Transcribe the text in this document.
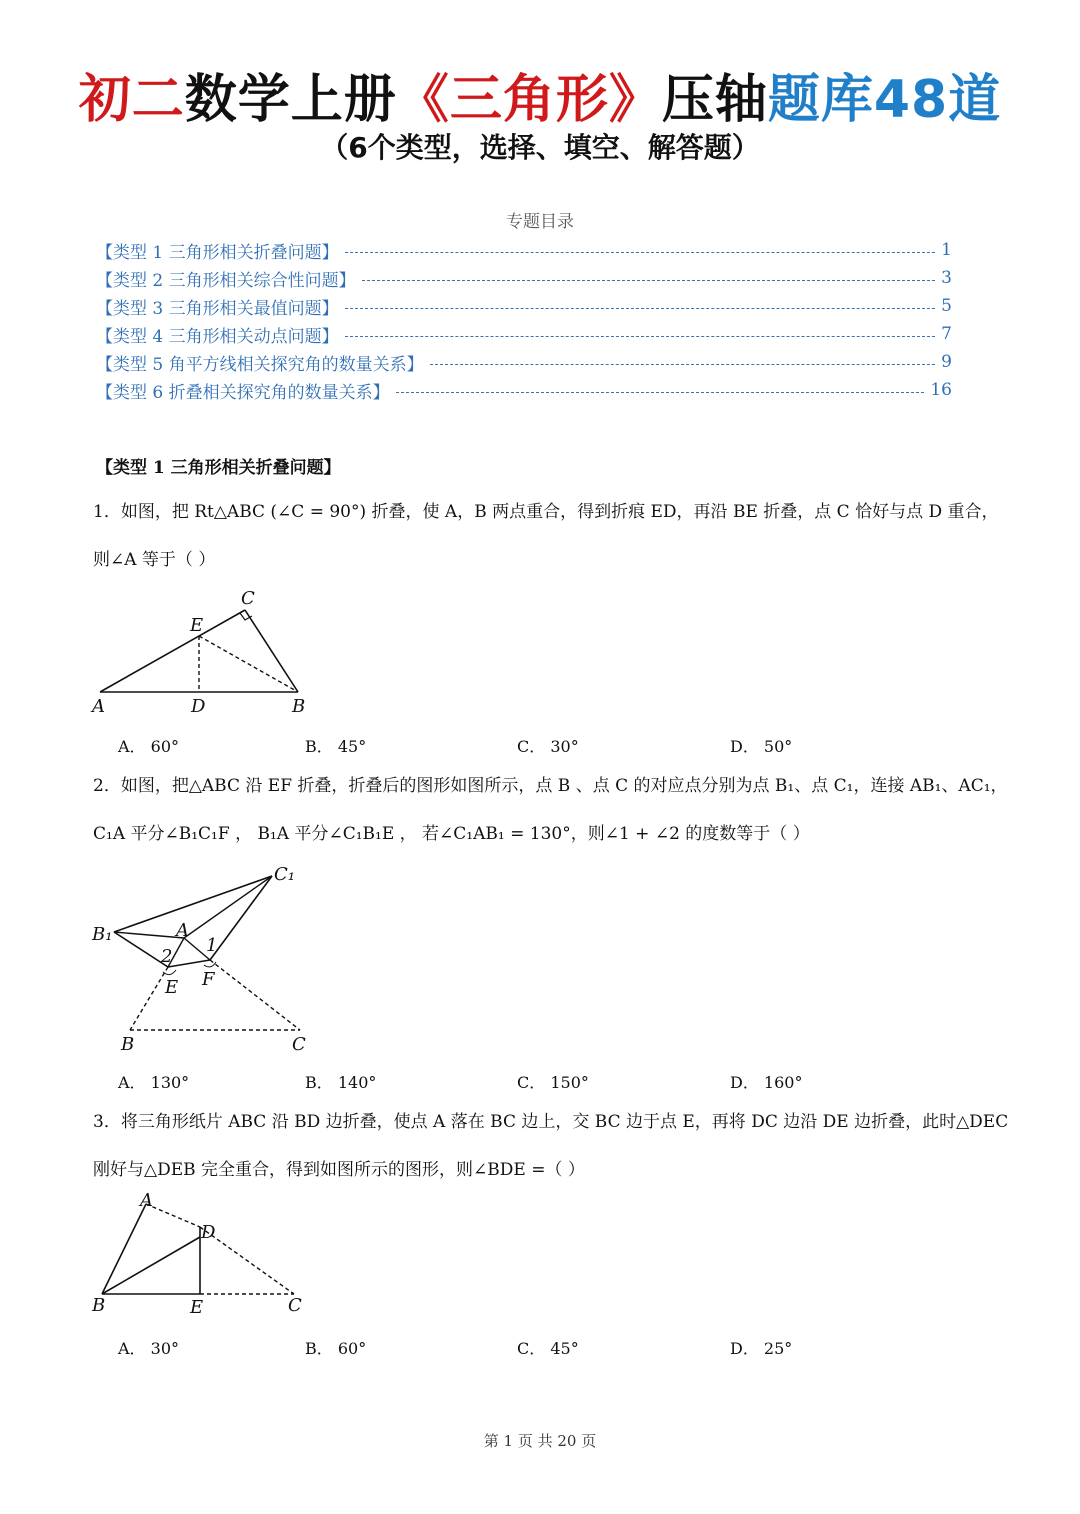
初二数学上册《三角形》压轴题库48道
（6个类型，选择、填空、解答题）
专题目录
【类型 1 三角形相关折叠问题】	1
【类型 2 三角形相关综合性问题】	3
【类型 3 三角形相关最值问题】	5
【类型 4 三角形相关动点问题】	7
【类型 5 角平方线相关探究角的数量关系】	9
【类型 6 折叠相关探究角的数量关系】	16
【类型 1 三角形相关折叠问题】
1．如图，把 Rt△ABC (∠C = 90°) 折叠，使 A，B 两点重合，得到折痕 ED，再沿 BE 折叠，点 C 恰好与点 D 重合，
则∠A 等于（ ）
A	D	B
C
E
A． 60°	B． 45°	C． 30°	D． 50°
2．如图，把△ABC 沿 EF 折叠，折叠后的图形如图所示，点 B 、点 C 的对应点分别为点 B₁、点 C₁，连接 AB₁、AC₁，
C₁A 平分∠B₁C₁F ， B₁A 平分∠C₁B₁E ， 若∠C₁AB₁ = 130°，则∠1 + ∠2 的度数等于（ ）
C₁
B₁	A
1
2
E F
B	C
A． 130°	B． 140°	C． 150°	D． 160°
3．将三角形纸片 ABC 沿 BD 边折叠，使点 A 落在 BC 边上，交 BC 边于点 E，再将 DC 边沿 DE 边折叠，此时△DEC
刚好与△DEB 完全重合，得到如图所示的图形，则∠BDE =（ ）
A
D
B	E	C
A． 30°	B． 60°	C． 45°	D． 25°
第 1 页 共 20 页
